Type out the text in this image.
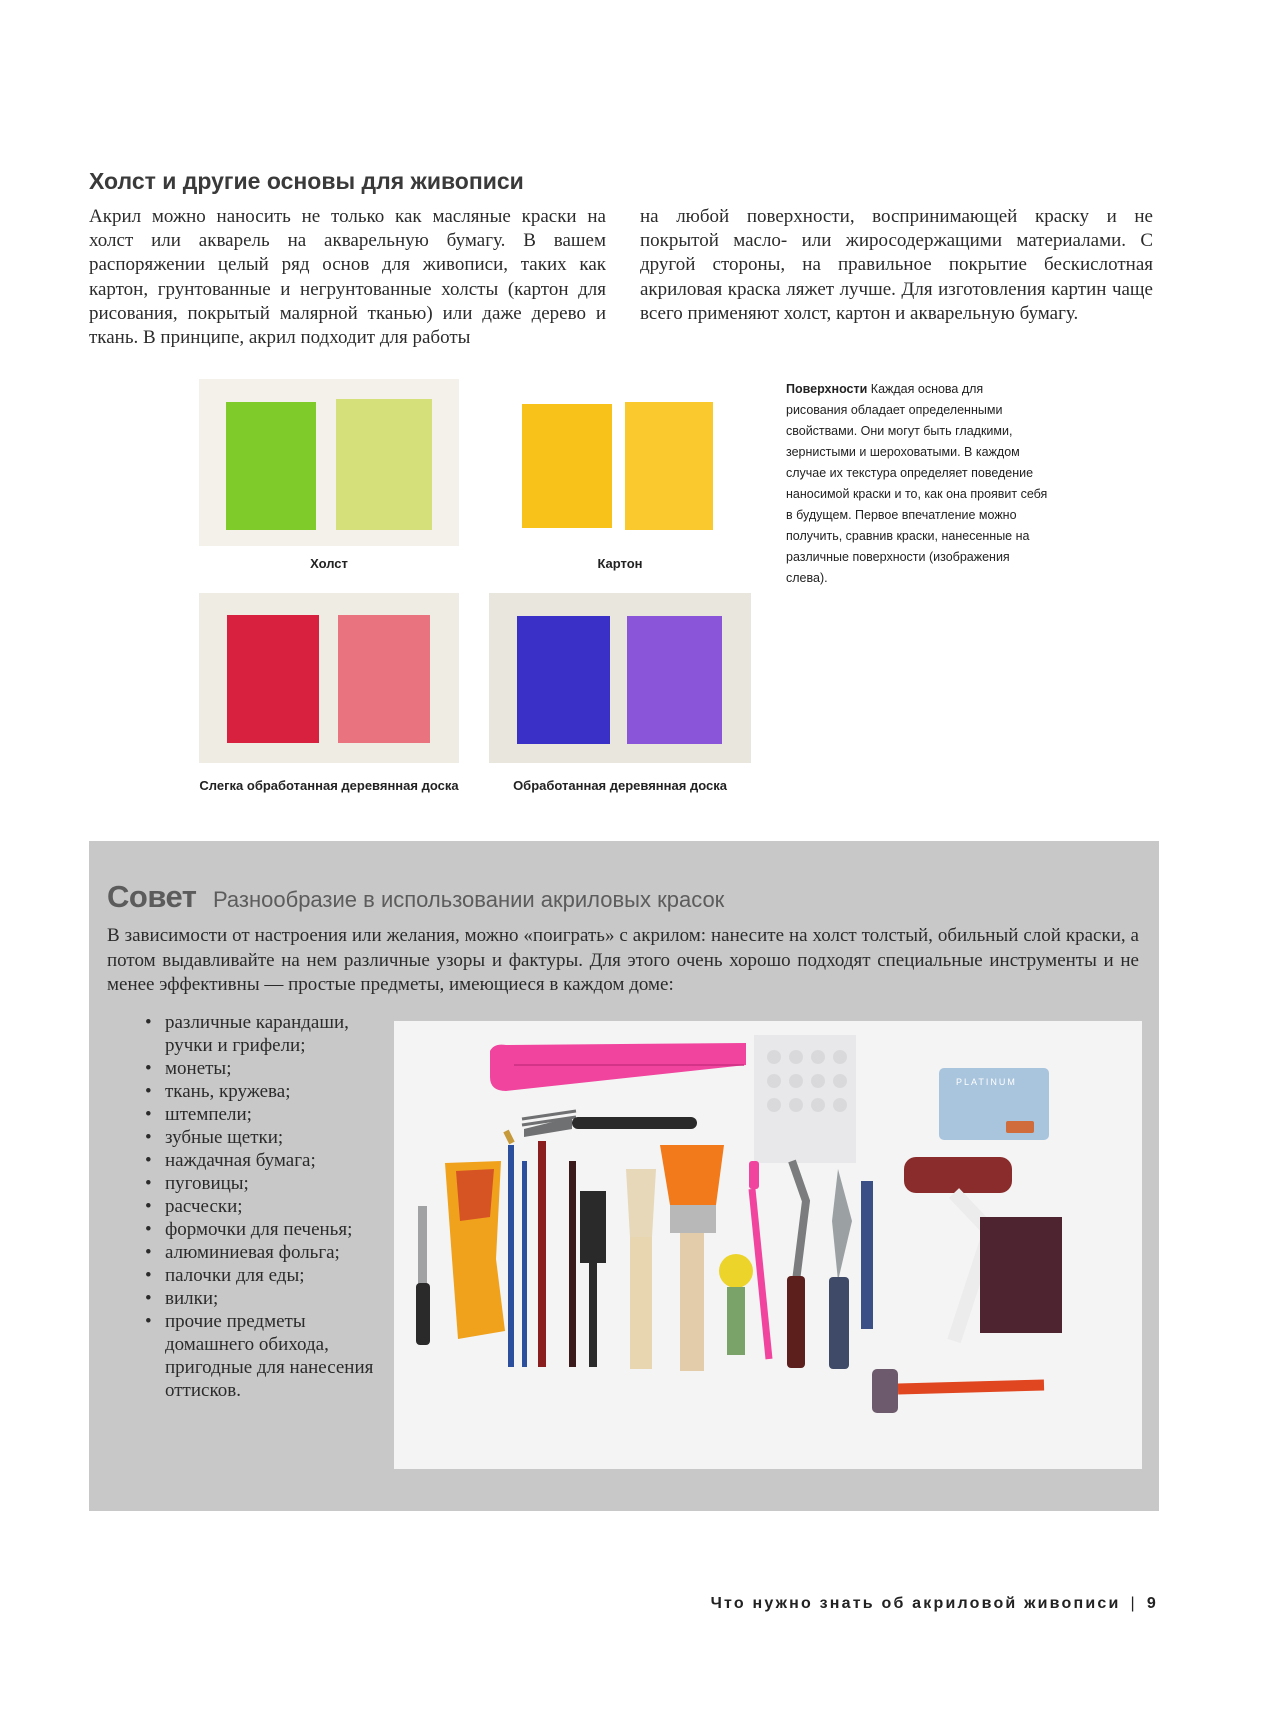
Холст и другие основы для живописи

Акрил можно наносить не только как масляные краски на холст или акварель на акварельную бумагу. В вашем распоряжении целый ряд основ для живописи, таких как картон, грунтованные и негрунтованные холсты (картон для рисования, покрытый малярной тканью) или даже дерево и ткань. В принципе, акрил подходит для работы

на любой поверхности, воспринимающей краску и не покрытой масло- или жиросодержащими материалами. С другой стороны, на правильное покрытие бескислотная акриловая краска ляжет лучше. Для изготовления картин чаще всего применяют холст, картон и акварельную бумагу.

Холст	Картон
Слегка обработанная деревянная доска	Обработанная деревянная доска
Поверхности Каждая основа для рисования обладает определенными свойствами. Они могут быть гладкими, зернистыми и шероховатыми. В каждом случае их текстура определяет поведение наносимой краски и то, как она проявит себя в будущем. Первое впечатление можно получить, сравнив краски, нанесенные на различные поверхности (изображения слева).
Совет Разнообразие в использовании акриловых красок

В зависимости от настроения или желания, можно «поиграть» с акрилом: нанесите на холст толстый, обильный слой краски, а потом выдавливайте на нем различные узоры и фактуры. Для этого очень хорошо подходят специальные инструменты и не менее эффективны — простые предметы, имеющиеся в каждом доме:

• различные карандаши, ручки и грифели;
• монеты;
• ткань, кружева;
• штемпели;
• зубные щетки;
• наждачная бумага;
• пуговицы;
• расчески;
• формочки для печенья;
• алюминиевая фольга;
• палочки для еды;
• вилки;
• прочие предметы домашнего обихода, пригодные для нанесения оттисков.
PLATINUM
Что нужно знать об акриловой живописи | 9
